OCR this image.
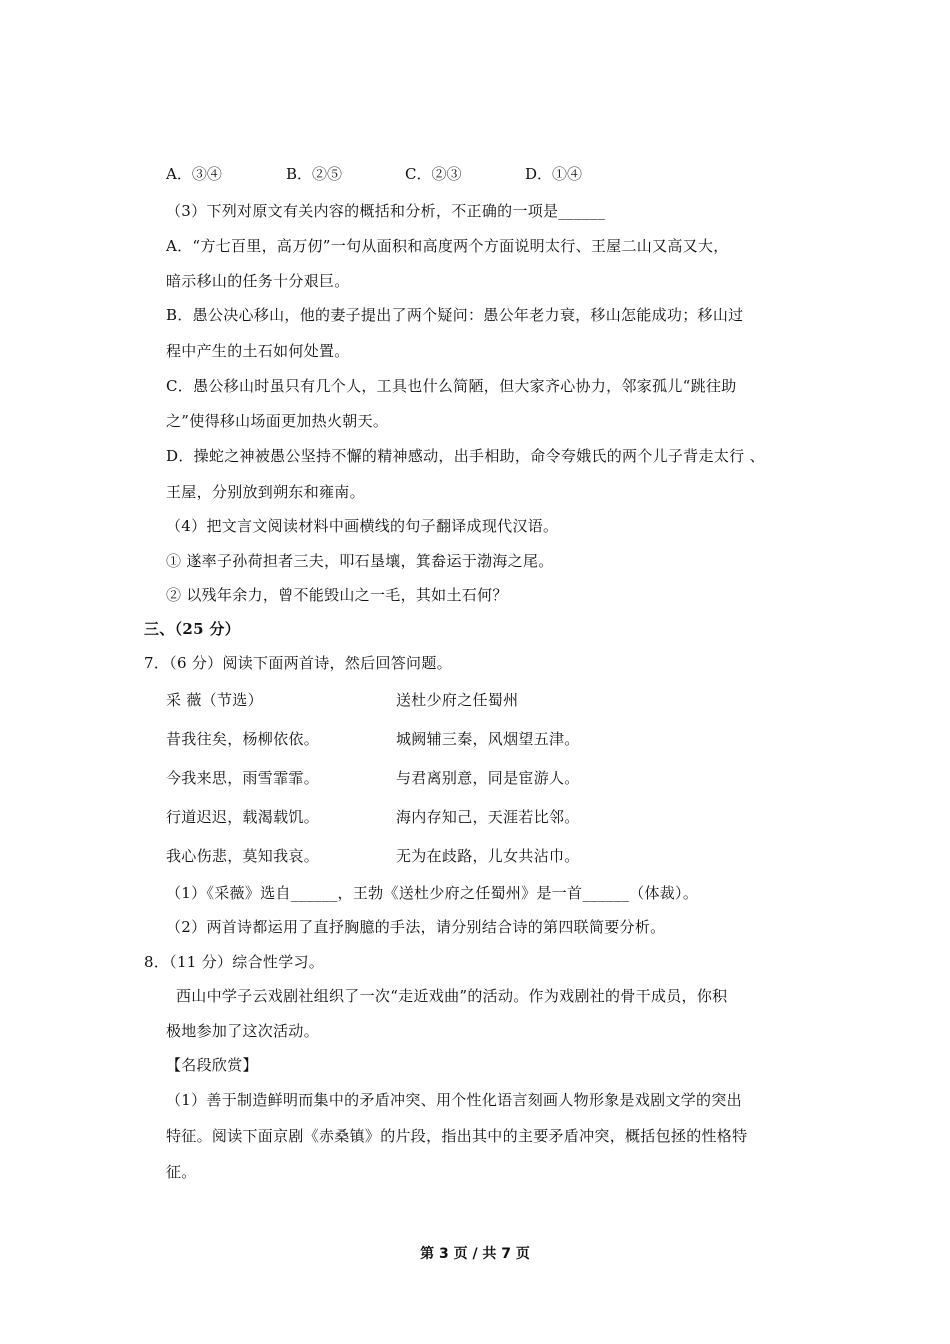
A．③④	B．②⑤	C．②③	D．①④
（3）下列对原文有关内容的概括和分析，不正确的一项是______
A．“方七百里，高万仞”一句从面积和高度两个方面说明太行、王屋二山又高又大，
暗示移山的任务十分艰巨。
B．愚公决心移山，他的妻子提出了两个疑问：愚公年老力衰，移山怎能成功；移山过
程中产生的土石如何处置。
C．愚公移山时虽只有几个人，工具也什么简陋，但大家齐心协力，邻家孤儿“跳往助
之”使得移山场面更加热火朝天。
D．操蛇之神被愚公坚持不懈的精神感动，出手相助，命令夸娥氏的两个儿子背走太行 、
王屋，分别放到朔东和雍南。
（4）把文言文阅读材料中画横线的句子翻译成现代汉语。
① 遂率子孙荷担者三夫，叩石垦壤，箕畚运于渤海之尾。
② 以残年余力，曾不能毁山之一毛，其如土石何？
三、（25 分）
7．（6 分）阅读下面两首诗，然后回答问题。
采 薇（节选）	送杜少府之任蜀州
昔我往矣，杨柳依依。	城阙辅三秦，风烟望五津。
今我来思，雨雪霏霏。	与君离别意，同是宦游人。
行道迟迟，载渴载饥。	海内存知己，天涯若比邻。
我心伤悲，莫知我哀。	无为在歧路，儿女共沾巾。
（1）《采薇》选自______，王勃《送杜少府之任蜀州》是一首______（体裁）。
（2）两首诗都运用了直抒胸臆的手法，请分别结合诗的第四联简要分析。
8．（11 分）综合性学习。
西山中学子云戏剧社组织了一次“走近戏曲”的活动。作为戏剧社的骨干成员，你积
极地参加了这次活动。
【名段欣赏】
（1）善于制造鲜明而集中的矛盾冲突、用个性化语言刻画人物形象是戏剧文学的突出
特征。阅读下面京剧《赤桑镇》的片段，指出其中的主要矛盾冲突，概括包拯的性格特
征。
第 3 页 / 共 7 页
